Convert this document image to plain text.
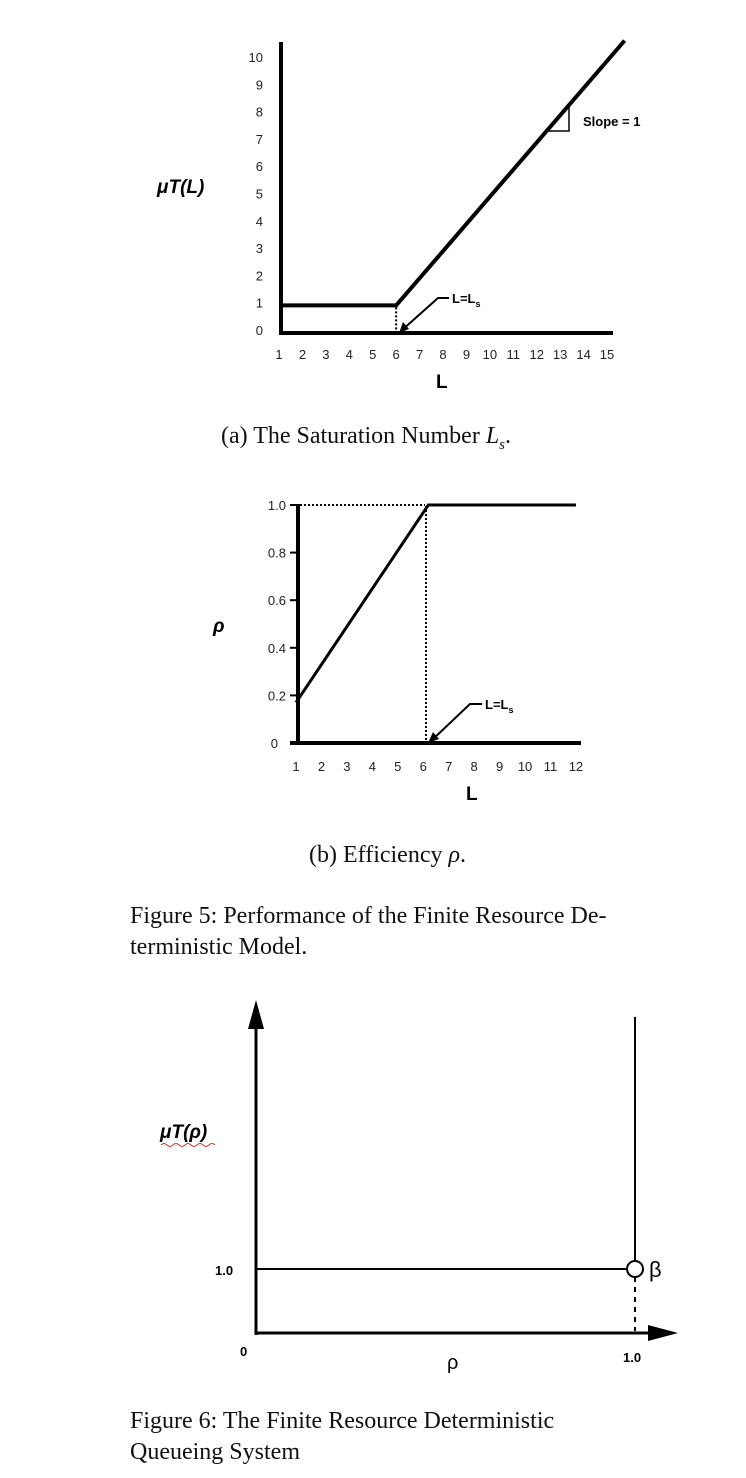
0
1
2
3
4
5
6
7
8
9
10
1 2 3 4 5 6 7 8 9 10 11 12 13 14 15
Slope = 1
$L=L_s$
μT(L)
L

(a) The Saturation Number $L_s$.

0
0.2
0.4
0.6
0.8
1.0
1 2 3 4 5 6 7 8 9 10 11 12
$L=L_s$
ρ
L

(b) Efficiency ρ.

Figure 5: Performance of the Finite Resource De-
terministic Model.

β
1.0
0	1.0
ρ
μT(ρ)

Figure 6: The Finite Resource Deterministic
Queueing System
